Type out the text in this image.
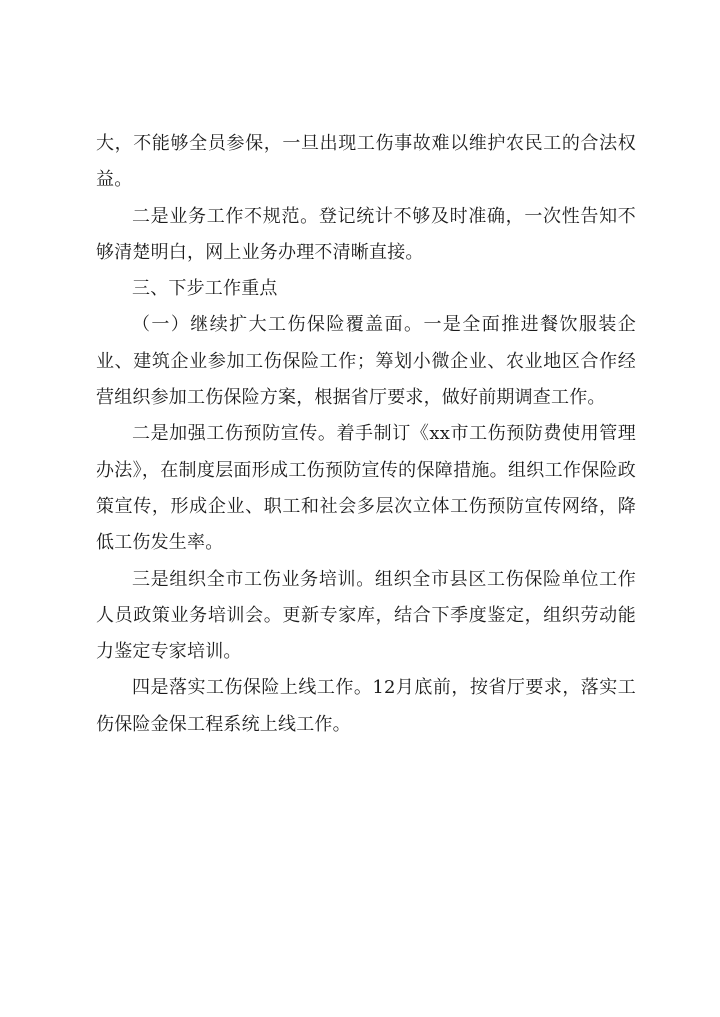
大，不能够全员参保，一旦出现工伤事故难以维护农民工的合法权益。

二是业务工作不规范。登记统计不够及时准确，一次性告知不够清楚明白，网上业务办理不清晰直接。

三、下步工作重点

（一）继续扩大工伤保险覆盖面。一是全面推进餐饮服装企业、建筑企业参加工伤保险工作；筹划小微企业、农业地区合作经营组织参加工伤保险方案，根据省厅要求，做好前期调查工作。

二是加强工伤预防宣传。着手制订《xx市工伤预防费使用管理办法》，在制度层面形成工伤预防宣传的保障措施。组织工作保险政策宣传，形成企业、职工和社会多层次立体工伤预防宣传网络，降低工伤发生率。

三是组织全市工伤业务培训。组织全市县区工伤保险单位工作人员政策业务培训会。更新专家库，结合下季度鉴定，组织劳动能力鉴定专家培训。

四是落实工伤保险上线工作。12月底前，按省厅要求，落实工伤保险金保工程系统上线工作。
